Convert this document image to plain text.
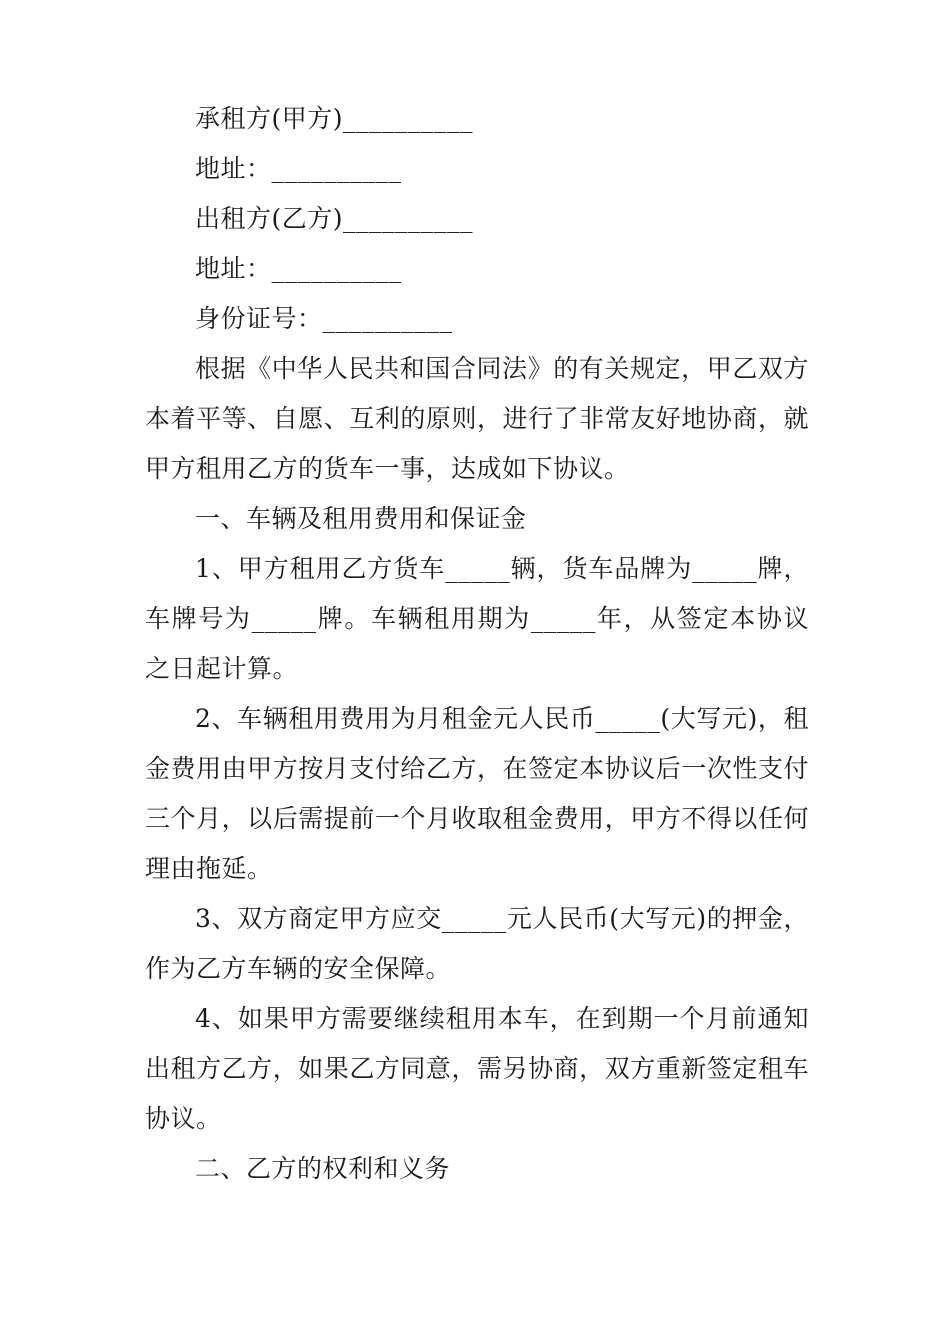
承租方(甲方)__________

地址：__________

出租方(乙方)__________

地址：__________

身份证号：__________

根据《中华人民共和国合同法》的有关规定，甲乙双方本着平等、自愿、互利的原则，进行了非常友好地协商，就甲方租用乙方的货车一事，达成如下协议。

一、车辆及租用费用和保证金

1、甲方租用乙方货车_____辆，货车品牌为_____牌，车牌号为_____牌。车辆租用期为_____年，从签定本协议之日起计算。

2、车辆租用费用为月租金元人民币_____(大写元)，租金费用由甲方按月支付给乙方，在签定本协议后一次性支付三个月，以后需提前一个月收取租金费用，甲方不得以任何理由拖延。

3、双方商定甲方应交_____元人民币(大写元)的押金，作为乙方车辆的安全保障。

4、如果甲方需要继续租用本车，在到期一个月前通知出租方乙方，如果乙方同意，需另协商，双方重新签定租车协议。

二、乙方的权利和义务
